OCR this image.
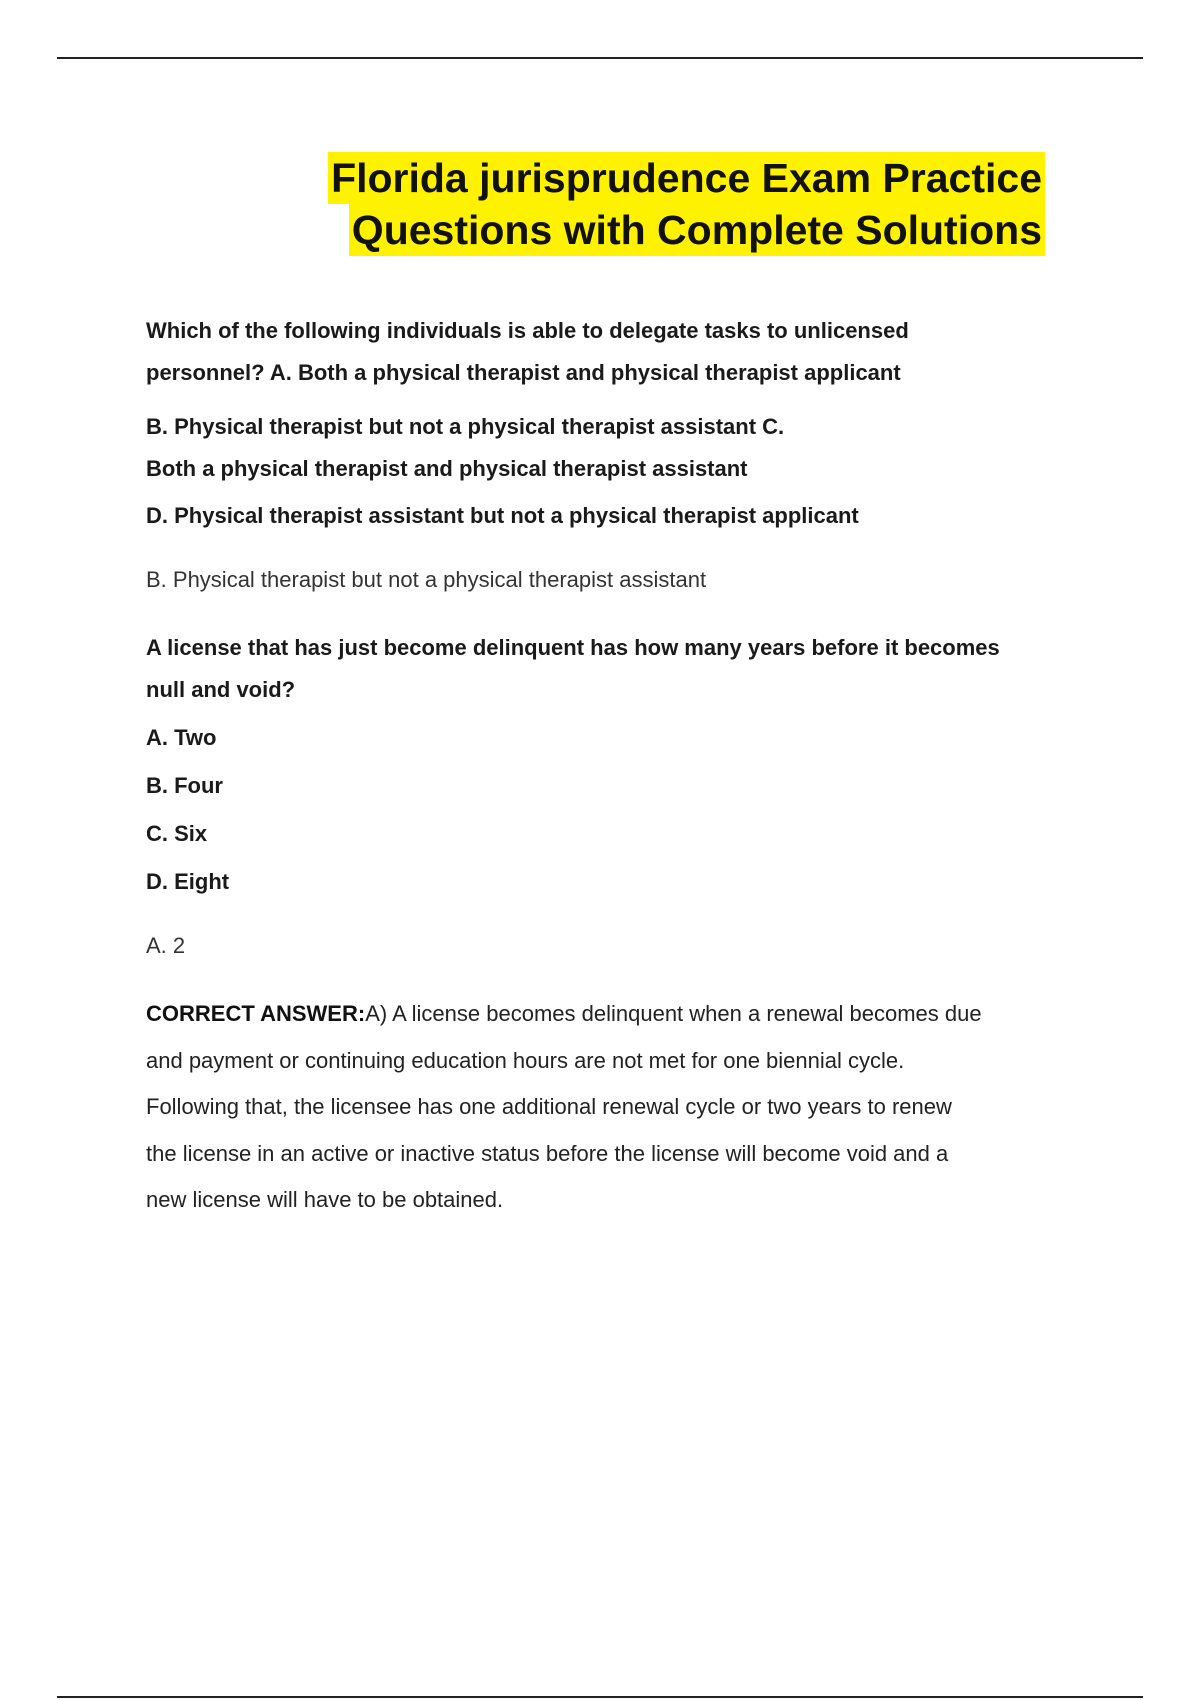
Florida jurisprudence Exam Practice
Questions with Complete Solutions

Which of the following individuals is able to delegate tasks to unlicensed

personnel? A. Both a physical therapist and physical therapist applicant

B. Physical therapist but not a physical therapist assistant C.

Both a physical therapist and physical therapist assistant

D. Physical therapist assistant but not a physical therapist applicant

B. Physical therapist but not a physical therapist assistant

A license that has just become delinquent has how many years before it becomes

null and void?

A. Two

B. Four

C. Six

D. Eight

A. 2

CORRECT ANSWER:A) A license becomes delinquent when a renewal becomes due

and payment or continuing education hours are not met for one biennial cycle.

Following that, the licensee has one additional renewal cycle or two years to renew

the license in an active or inactive status before the license will become void and a

new license will have to be obtained.
